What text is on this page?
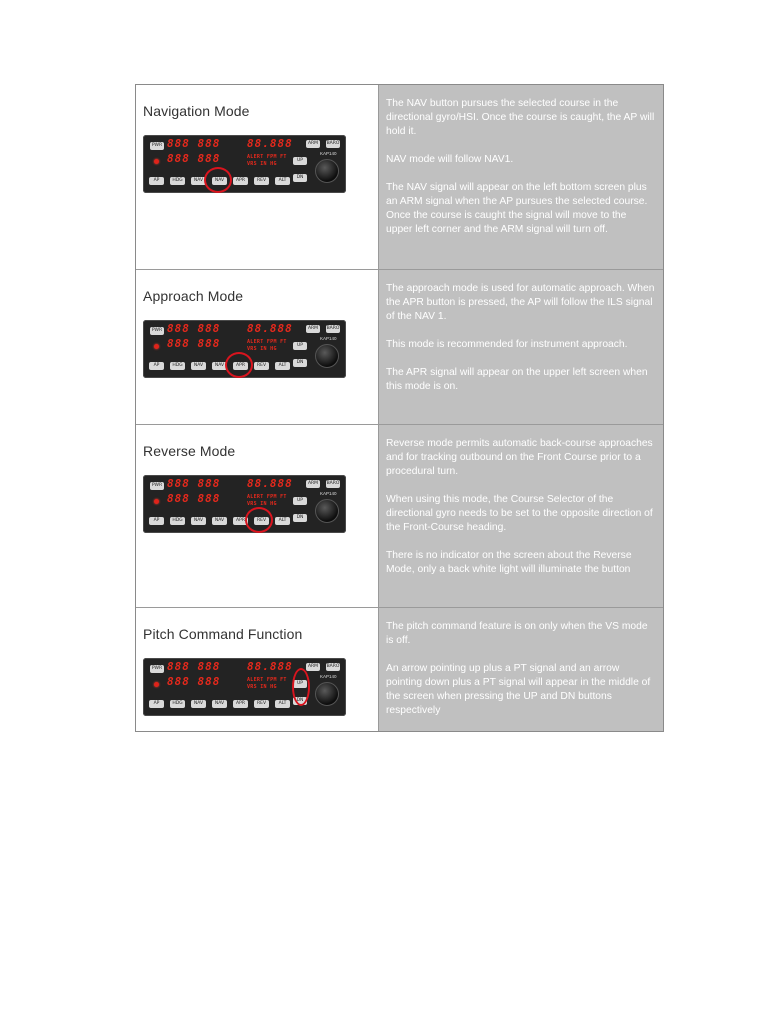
Navigation Mode
PWR 888 888
888 888
88.888
ALERT FPM FT
VRS IN HG
ARM	BARO
KAP140
UP
DN
AP	HDG	NAV	NAV	APR	REV	ALT

The NAV button pursues the selected course in the directional gyro/HSI. Once the course is caught, the AP will hold it.

NAV mode will follow NAV1.

The NAV signal will appear on the left bottom screen plus an ARM signal when the AP pursues the selected course. Once the course is caught the signal will move to the upper left corner and the ARM signal will turn off.

Approach Mode
PWR 888 888
888 888
88.888
ALERT FPM FT
VRS IN HG
ARM	BARO
KAP140
UP
DN
AP	HDG	NAV	NAV	APR	REV	ALT

The approach mode is used for automatic approach. When the APR button is pressed, the AP will follow the ILS signal of the NAV 1.

This mode is recommended for instrument approach.

The APR signal will appear on the upper left screen when this mode is on.

Reverse Mode
PWR 888 888
888 888
88.888
ALERT FPM FT
VRS IN HG
ARM	BARO
KAP140
UP
DN
AP	HDG	NAV	NAV	APR	REV	ALT

Reverse mode permits automatic back-course approaches and for tracking outbound on the Front Course prior to a procedural turn.

When using this mode, the Course Selector of the directional gyro needs to be set to the opposite direction of the Front-Course heading.

There is no indicator on the screen about the Reverse Mode, only a back white light will illuminate the button

Pitch Command Function
PWR 888 888
888 888
88.888
ALERT FPM FT
VRS IN HG
ARM	BARO
KAP140
UP
DN
AP	HDG	NAV	NAV	APR	REV	ALT

The pitch command feature is on only when the VS mode is off.

An arrow pointing up plus a PT signal and an arrow pointing down plus a PT signal will appear in the middle of the screen when pressing the UP and DN buttons respectively
